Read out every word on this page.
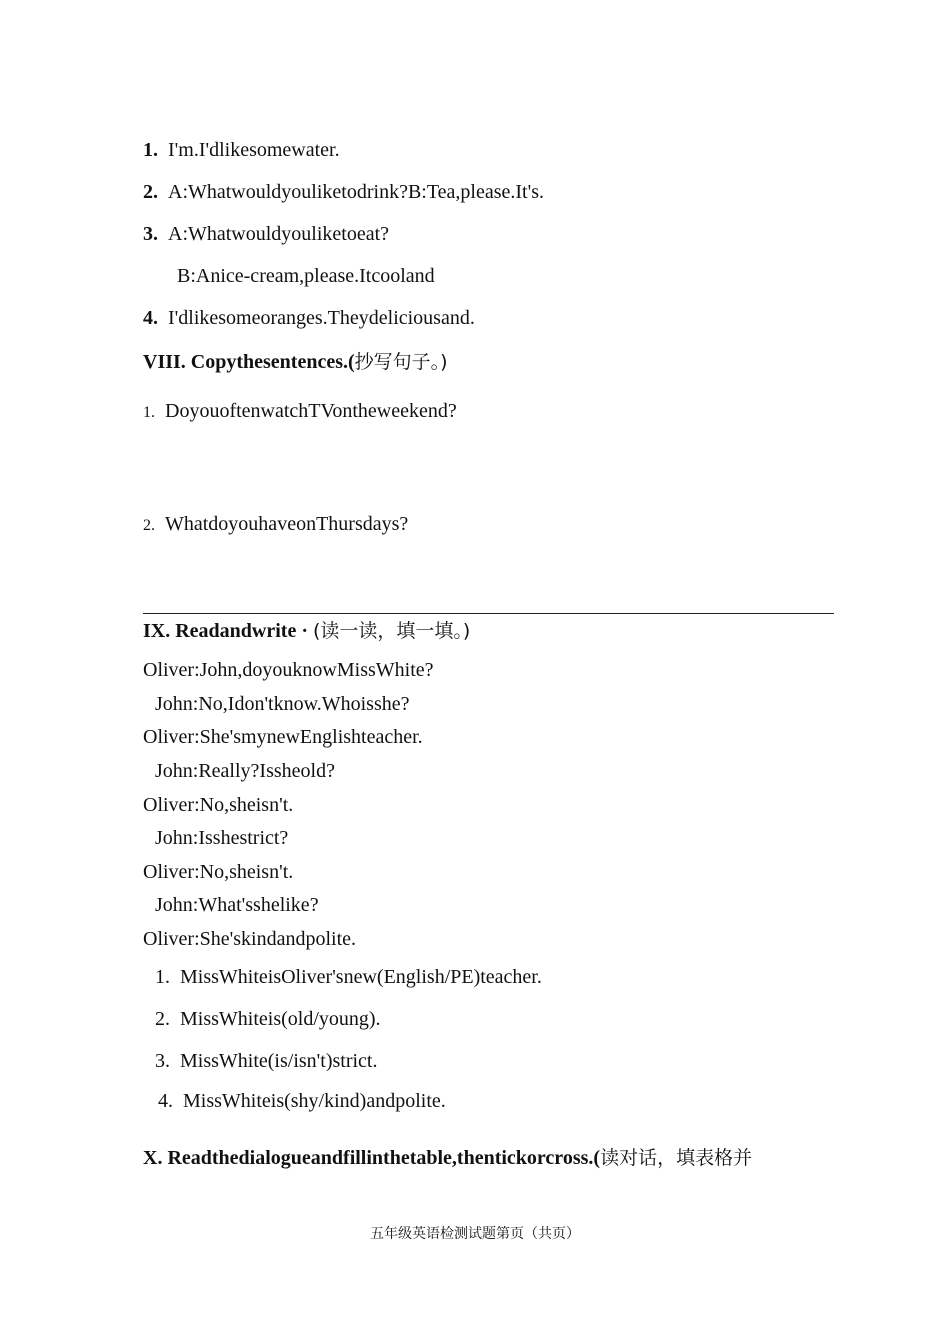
1. I'm.I'dlikesomewater.
2. A:Whatwouldyouliketodrink?B:Tea,please.It's.
3. A:Whatwouldyouliketoeat?
B:Anice-cream,please.Itcooland
4. I'dlikesomeoranges.Theydeliciousand.
VIII. Copythesentences.(抄写句子。)
1. DoyouoftenwatchTVontheweekend?
2. WhatdoyouhaveonThursdays?
IX. Readandwrite · (读一读，填一填。)
Oliver:John,doyouknowMissWhite?
John:No,Idon'tknow.Whoisshe?
Oliver:She'smynewEnglishteacher.
John:Really?Issheold?
Oliver:No,sheisn't.
John:Isshestrict?
Oliver:No,sheisn't.
John:What'sshelike?
Oliver:She'skindandpolite.
1. MissWhiteisOliver'snew(English/PE)teacher.
2. MissWhiteis(old/young).
3. MissWhite(is/isn't)strict.
4. MissWhiteis(shy/kind)andpolite.
X. Readthedialogueandfillinthetable,thentickorcross.(读对话，填表格并
五年级英语检测试题第页（共页）
